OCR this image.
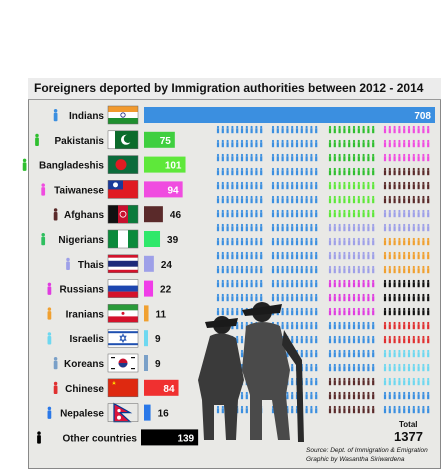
Foreigners deported by Immigration authorities between 2012 - 2014
Indians	708
Pakistanis	75
Bangladeshis	101
Taiwanese	94
Afghans	46
Nigerians	39
Thais	24
Russians	22
Iranians	11
Israelis	9
Koreans	9
Chinese	84
Nepalese	16
Other countries	139
Total
1377
Source: Dept. of Immigration & Emigration
Graphic by Wasantha Siriwardena
